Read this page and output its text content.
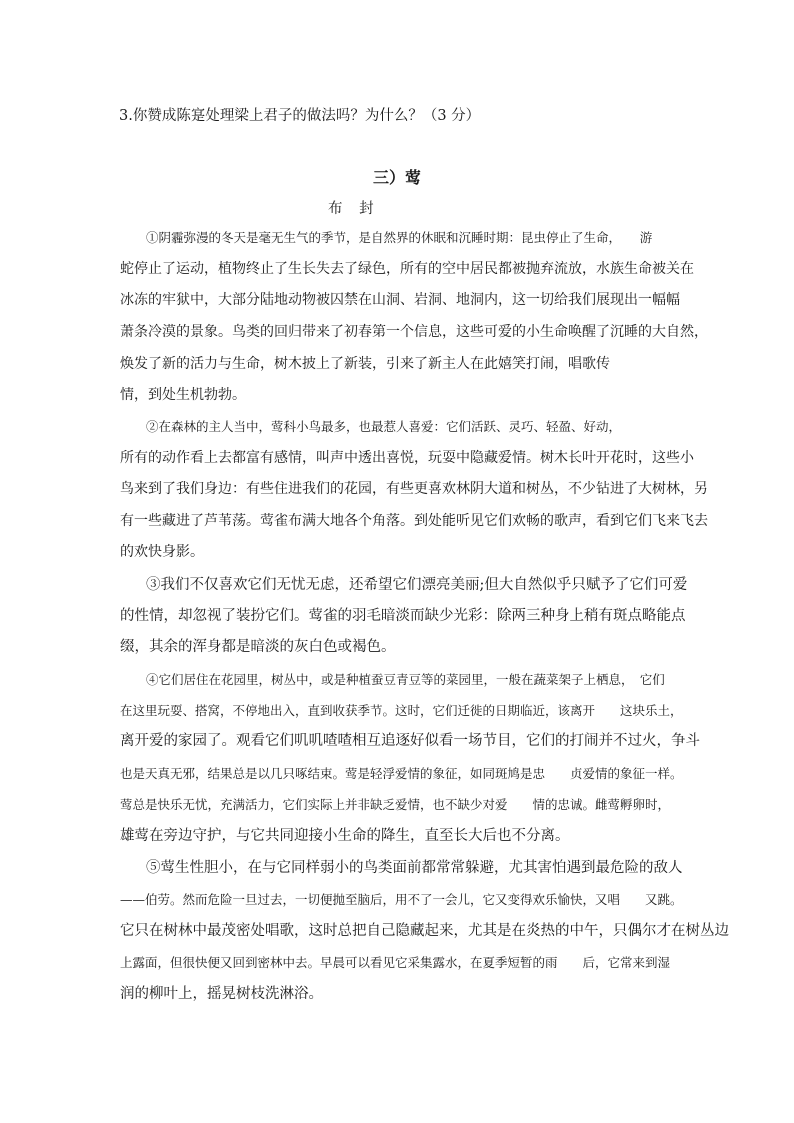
3.你赞成陈寔处理梁上君子的做法吗？为什么？（3 分）
三）莺
布 封
①阴霾弥漫的冬天是毫无生气的季节，是自然界的休眠和沉睡时期：昆虫停止了生命，　　游
蛇停止了运动，植物终止了生长失去了绿色，所有的空中居民都被抛弃流放，水族生命被关在
冰冻的牢狱中，大部分陆地动物被囚禁在山洞、岩洞、地洞内，这一切给我们展现出一幅幅
萧条冷漠的景象。鸟类的回归带来了初春第一个信息，这些可爱的小生命唤醒了沉睡的大自然，
焕发了新的活力与生命，树木披上了新装，引来了新主人在此嬉笑打闹，唱歌传
情，到处生机勃勃。
②在森林的主人当中，莺科小鸟最多，也最惹人喜爱：它们活跃、灵巧、轻盈、好动，
所有的动作看上去都富有感情，叫声中透出喜悦，玩耍中隐藏爱情。树木长叶开花时，这些小
鸟来到了我们身边：有些住进我们的花园，有些更喜欢林阴大道和树丛，不少钻进了大树林，另
有一些藏进了芦苇荡。莺雀布满大地各个角落。到处能听见它们欢畅的歌声，看到它们飞来飞去
的欢快身影。
③我们不仅喜欢它们无忧无虑，还希望它们漂亮美丽;但大自然似乎只赋予了它们可爱
的性情，却忽视了装扮它们。莺雀的羽毛暗淡而缺少光彩：除两三种身上稍有斑点略能点
缀，其余的浑身都是暗淡的灰白色或褐色。
④它们居住在花园里，树丛中，或是种植蚕豆青豆等的菜园里，一般在蔬菜架子上栖息，　它们
在这里玩耍、搭窝，不停地出入，直到收获季节。这时，它们迁徙的日期临近，该离开　　这块乐土，
离开爱的家园了。观看它们叽叽喳喳相互追逐好似看一场节目，它们的打闹并不过火，争斗
也是天真无邪，结果总是以几只啄结束。莺是轻浮爱情的象征，如同斑鸠是忠　　贞爱情的象征一样。
莺总是快乐无忧，充满活力，它们实际上并非缺乏爱情，也不缺少对爱　　情的忠诚。雌莺孵卵时，
雄莺在旁边守护，与它共同迎接小生命的降生，直至长大后也不分离。
⑤莺生性胆小，在与它同样弱小的鸟类面前都常常躲避，尤其害怕遇到最危险的敌人
——伯劳。然而危险一旦过去，一切便抛至脑后，用不了一会儿，它又变得欢乐愉快，又唱　　又跳。
它只在树林中最茂密处唱歌，这时总把自己隐藏起来，尤其是在炎热的中午，只偶尔才在树丛边
上露面，但很快便又回到密林中去。早晨可以看见它采集露水，在夏季短暂的雨　　后，它常来到湿
润的柳叶上，摇晃树枝洗淋浴。
